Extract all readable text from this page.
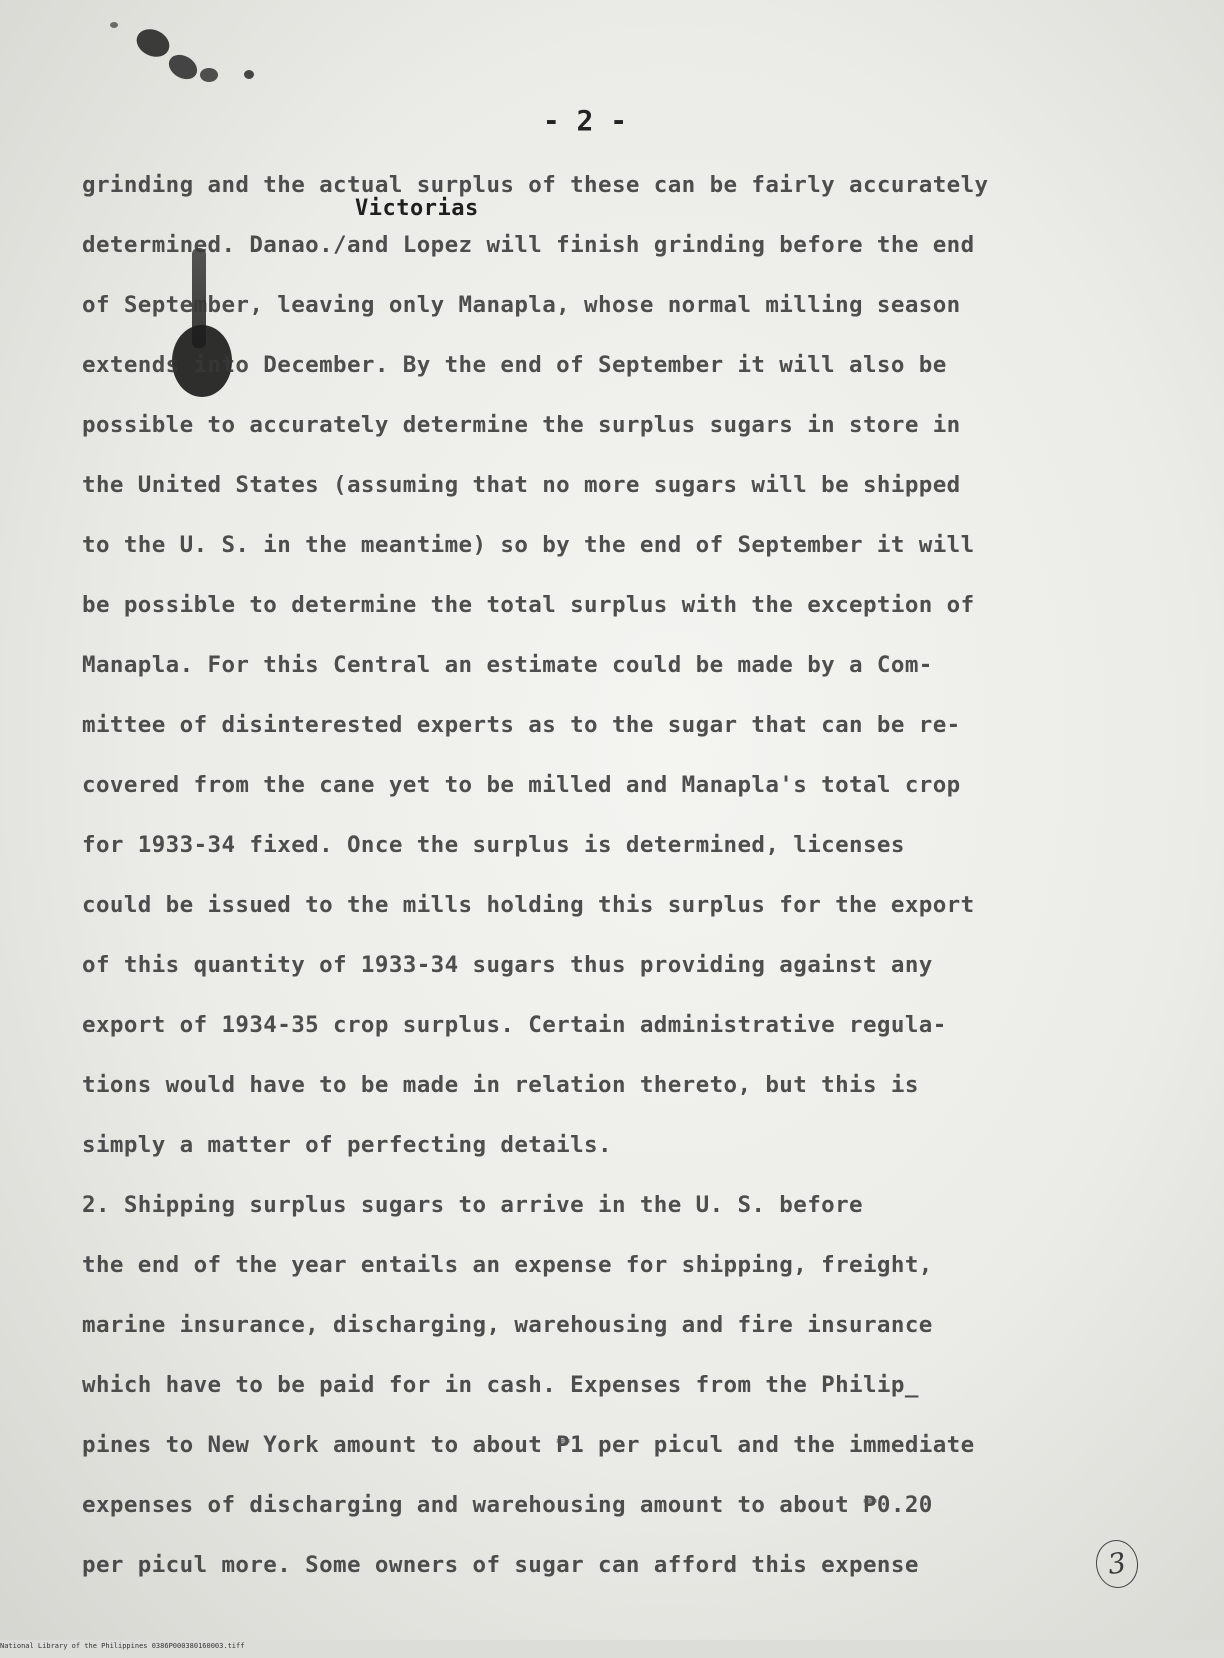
- 2 -
Victorias
grinding and the actual surplus of these can be fairly accurately
determined. Danao./and Lopez will finish grinding before the end
of September, leaving only Manapla, whose normal milling season
extends into December. By the end of September it will also be
possible to accurately determine the surplus sugars in store in
the United States (assuming that no more sugars will be shipped
to the U. S. in the meantime) so by the end of September it will
be possible to determine the total surplus with the exception of
Manapla. For this Central an estimate could be made by a Com-
mittee of disinterested experts as to the sugar that can be re-
covered from the cane yet to be milled and Manapla's total crop
for 1933-34 fixed. Once the surplus is determined, licenses
could be issued to the mills holding this surplus for the export
of this quantity of 1933-34 sugars thus providing against any
export of 1934-35 crop surplus. Certain administrative regula-
tions would have to be made in relation thereto, but this is
simply a matter of perfecting details.
2. Shipping surplus sugars to arrive in the U. S. before
the end of the year entails an expense for shipping, freight,
marine insurance, discharging, warehousing and fire insurance
which have to be paid for in cash. Expenses from the Philip_
pines to New York amount to about ₱1 per picul and the immediate
expenses of discharging and warehousing amount to about ₱0.20
per picul more. Some owners of sugar can afford this expense	3
National Library of the Philippines 0386P000380160003.tiff
